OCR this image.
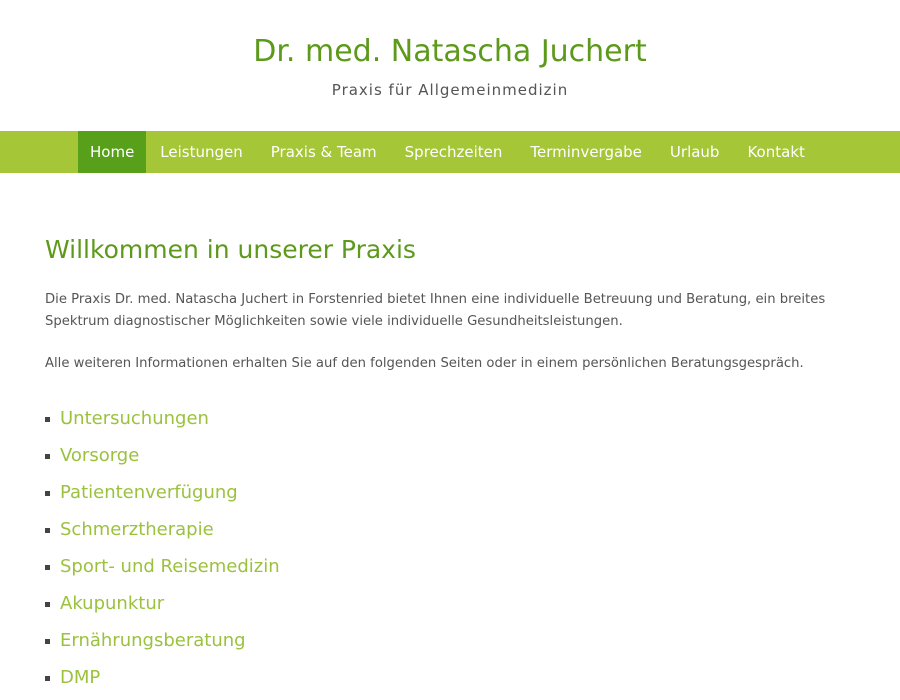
Dr. med. Natascha Juchert
Praxis für Allgemeinmedizin
Home	Leistungen	Praxis & Team	Sprechzeiten	Terminvergabe	Urlaub	Kontakt
Willkommen in unserer Praxis

Die Praxis Dr. med. Natascha Juchert in Forstenried bietet Ihnen eine individuelle Betreuung und Beratung, ein breites Spektrum diagnostischer Möglichkeiten sowie viele individuelle Gesundheitsleistungen.

Alle weiteren Informationen erhalten Sie auf den folgenden Seiten oder in einem persönlichen Beratungsgespräch.

Untersuchungen
Vorsorge
Patientenverfügung
Schmerztherapie
Sport- und Reisemedizin
Akupunktur
Ernährungsberatung
DMP
